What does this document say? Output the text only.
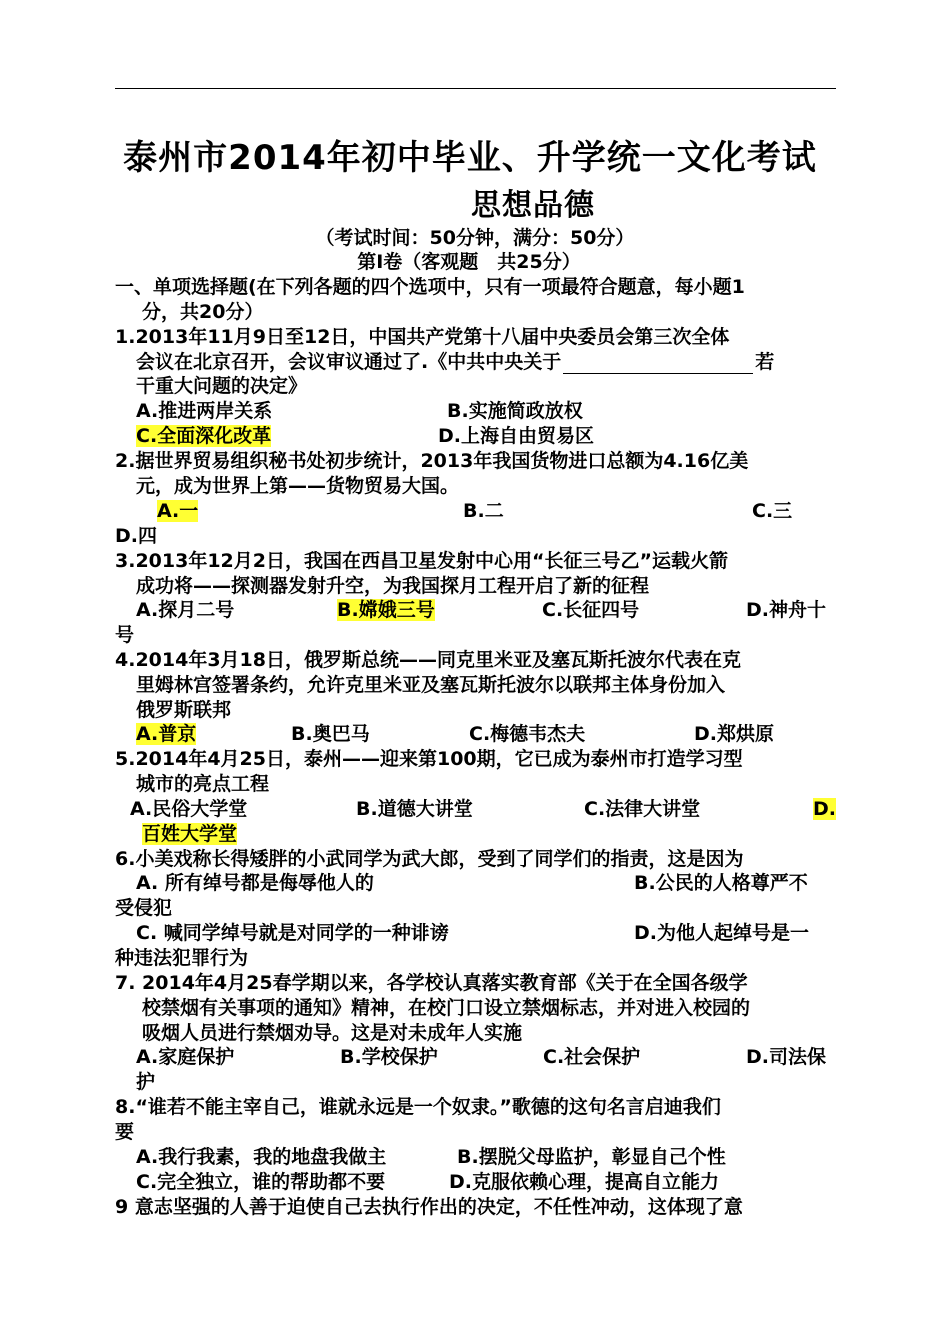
泰州市2014年初中毕业、升学统一文化考试
思想品德
（考试时间：50分钟，满分：50分）
第Ⅰ卷（客观题　共25分）
一、单项选择题(在下列各题的四个选项中，只有一项最符合题意，每小题1
分，共20分）
1.2013年11月9日至12日，中国共产党第十八届中央委员会第三次全体
会议在北京召开，会议审议通过了.《中共中央关于	若
干重大问题的决定》
A.推进两岸关系	B.实施简政放权
C.全面深化改革	D.上海自由贸易区
2.据世界贸易组织秘书处初步统计，2013年我国货物进口总额为4.16亿美
元，成为世界上第——货物贸易大国。
A.一	B.二	C.三
D.四
3.2013年12月2日，我国在西昌卫星发射中心用“长征三号乙”运载火箭
成功将——探测器发射升空，为我国探月工程开启了新的征程
A.探月二号	B.嫦娥三号	C.长征四号	D.神舟十
号
4.2014年3月18日，俄罗斯总统——同克里米亚及塞瓦斯托波尔代表在克
里姆林宫签署条约，允许克里米亚及塞瓦斯托波尔以联邦主体身份加入
俄罗斯联邦
A.普京	B.奥巴马	C.梅德韦杰夫	D.郑烘原
5.2014年4月25日，泰州——迎来第100期，它已成为泰州市打造学习型
城市的亮点工程
A.民俗大学堂	B.道德大讲堂	C.法律大讲堂	D.
百姓大学堂
6.小美戏称长得矮胖的小武同学为武大郎，受到了同学们的指责，这是因为
A. 所有绰号都是侮辱他人的	B.公民的人格尊严不
受侵犯
C. 喊同学绰号就是对同学的一种诽谤	D.为他人起绰号是一
种违法犯罪行为
7. 2014年4月25春学期以来，各学校认真落实教育部《关于在全国各级学
校禁烟有关事项的通知》精神，在校门口设立禁烟标志，并对进入校园的
吸烟人员进行禁烟劝导。这是对未成年人实施
A.家庭保护	B.学校保护	C.社会保护	D.司法保
护
8.“谁若不能主宰自己，谁就永远是一个奴隶。”歌德的这句名言启迪我们
要
A.我行我素，我的地盘我做主	B.摆脱父母监护，彰显自己个性
C.完全独立，谁的帮助都不要	D.克服依赖心理，提高自立能力
9 意志坚强的人善于迫使自己去执行作出的决定，不任性冲动，这体现了意
